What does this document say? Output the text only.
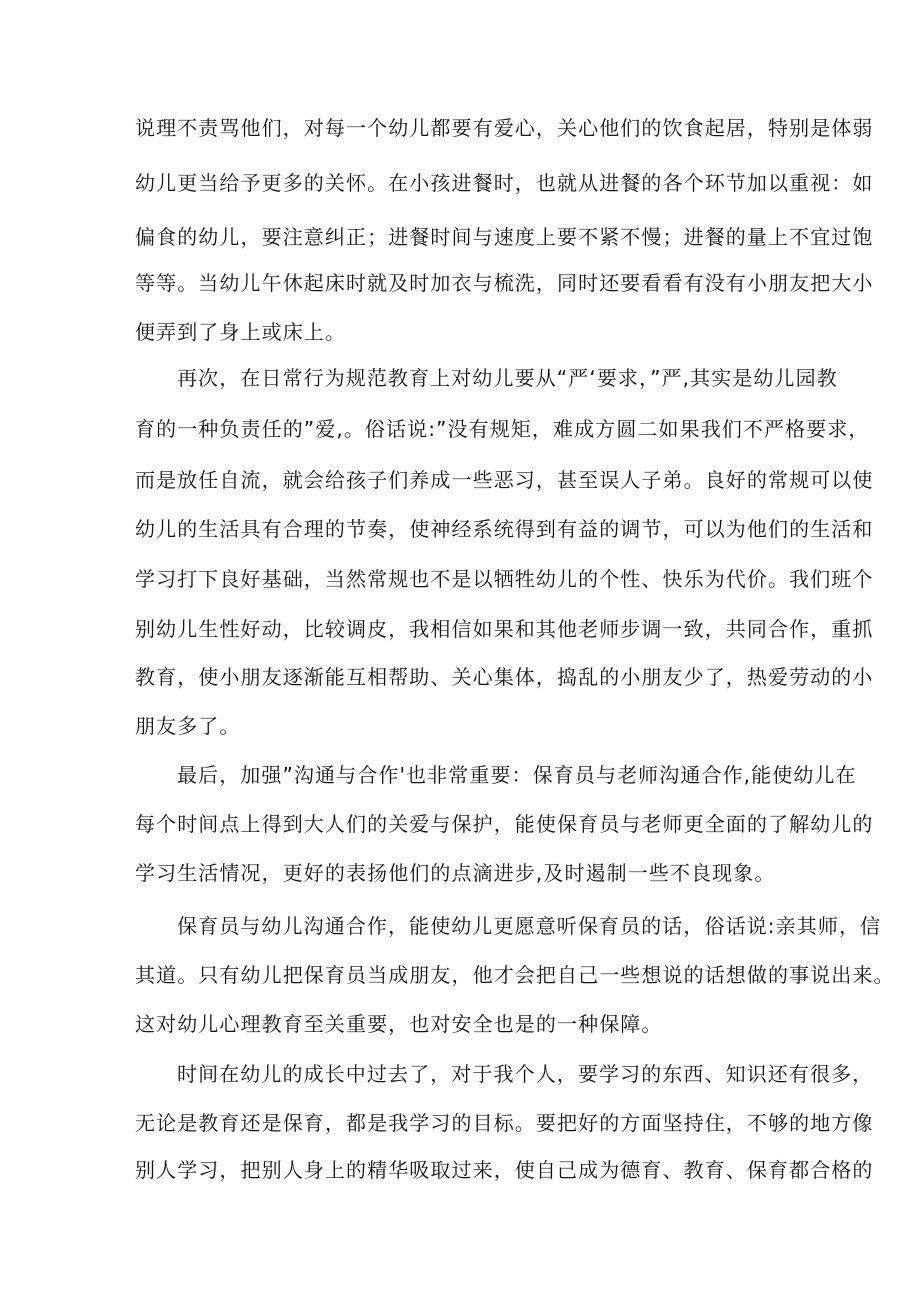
说理不责骂他们，对每一个幼儿都要有爱心，关心他们的饮食起居，特别是体弱
幼儿更当给予更多的关怀。在小孩进餐时，也就从进餐的各个环节加以重视：如
偏食的幼儿，要注意纠正；进餐时间与速度上要不紧不慢；进餐的量上不宜过饱
等等。当幼儿午休起床时就及时加衣与梳洗，同时还要看看有没有小朋友把大小
便弄到了身上或床上。
再次，在日常行为规范教育上对幼儿要从“严‘要求，”严,其实是幼儿园教
育的一种负责任的”爱,。俗话说:”没有规矩，难成方圆二如果我们不严格要求，
而是放任自流，就会给孩子们养成一些恶习，甚至误人子弟。良好的常规可以使
幼儿的生活具有合理的节奏，使神经系统得到有益的调节，可以为他们的生活和
学习打下良好基础，当然常规也不是以牺牲幼儿的个性、快乐为代价。我们班个
别幼儿生性好动，比较调皮，我相信如果和其他老师步调一致，共同合作，重抓
教育，使小朋友逐渐能互相帮助、关心集体，捣乱的小朋友少了，热爱劳动的小
朋友多了。
最后，加强”沟通与合作'也非常重要：保育员与老师沟通合作,能使幼儿在
每个时间点上得到大人们的关爱与保护，能使保育员与老师更全面的了解幼儿的
学习生活情况，更好的表扬他们的点滴进步,及时遏制一些不良现象。
保育员与幼儿沟通合作，能使幼儿更愿意听保育员的话，俗话说:亲其师，信
其道。只有幼儿把保育员当成朋友，他才会把自己一些想说的话想做的事说出来。
这对幼儿心理教育至关重要，也对安全也是的一种保障。
时间在幼儿的成长中过去了，对于我个人，要学习的东西、知识还有很多，
无论是教育还是保育，都是我学习的目标。要把好的方面坚持住，不够的地方像
别人学习，把别人身上的精华吸取过来，使自己成为德育、教育、保育都合格的
